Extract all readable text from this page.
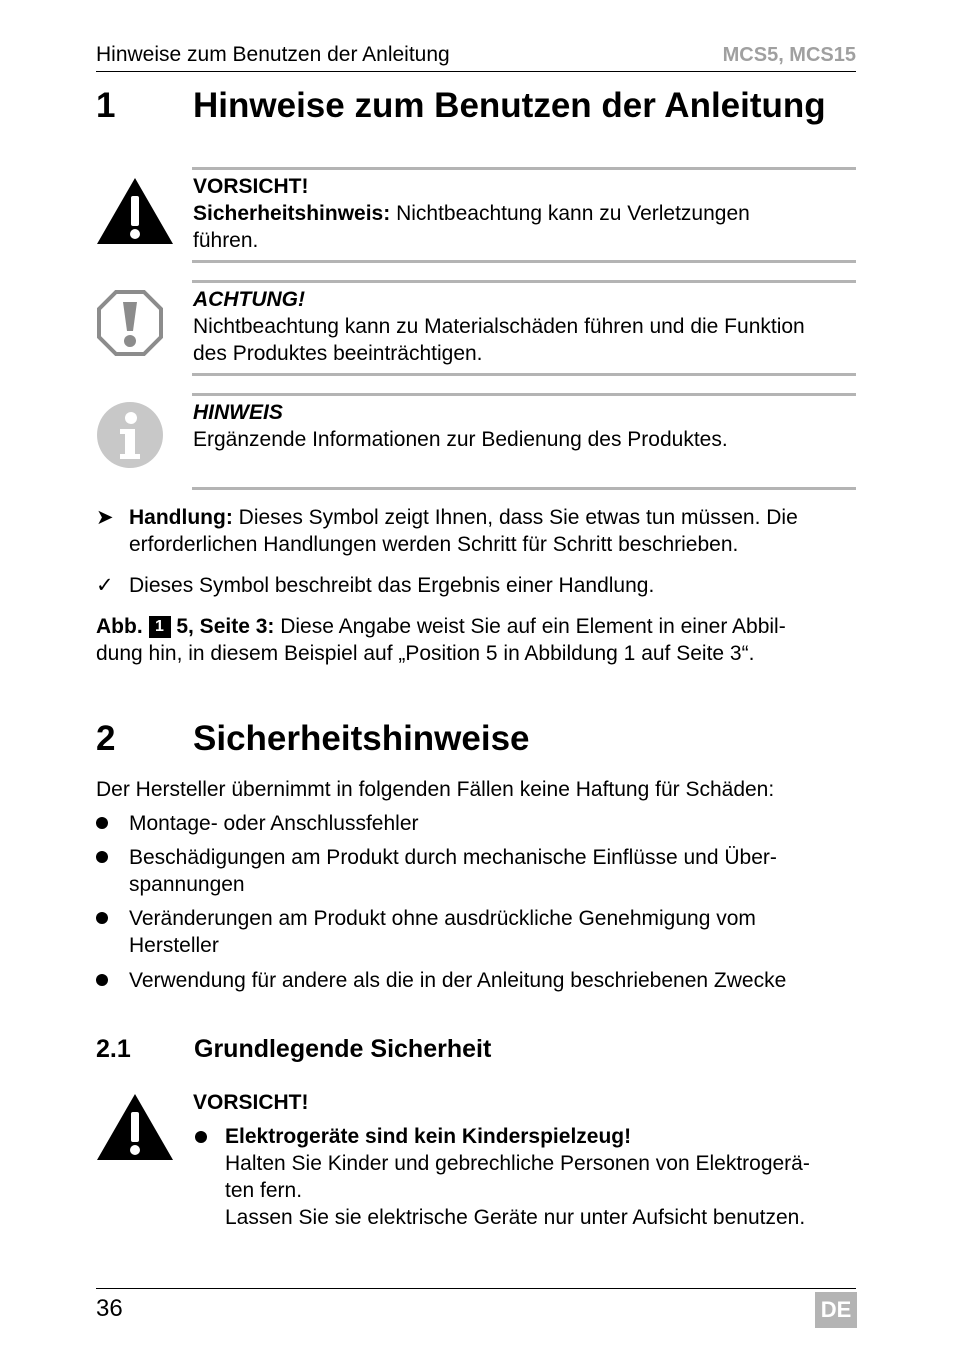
Hinweise zum Benutzen der Anleitung	MCS5, MCS15
1 Hinweise zum Benutzen der Anleitung
VORSICHT!
Sicherheitshinweis: Nichtbeachtung kann zu Verletzungen
führen.
ACHTUNG!
Nichtbeachtung kann zu Materialschäden führen und die Funktion
des Produktes beeinträchtigen.
HINWEIS
Ergänzende Informationen zur Bedienung des Produktes.
➤ Handlung: Dieses Symbol zeigt Ihnen, dass Sie etwas tun müssen. Die
erforderlichen Handlungen werden Schritt für Schritt beschrieben.
✓ Dieses Symbol beschreibt das Ergebnis einer Handlung.
Abb. 1 5, Seite 3: Diese Angabe weist Sie auf ein Element in einer Abbil-
dung hin, in diesem Beispiel auf „Position 5 in Abbildung 1 auf Seite 3“.
2 Sicherheitshinweise
Der Hersteller übernimmt in folgenden Fällen keine Haftung für Schäden:
Montage- oder Anschlussfehler
Beschädigungen am Produkt durch mechanische Einflüsse und Über-
spannungen
Veränderungen am Produkt ohne ausdrückliche Genehmigung vom
Hersteller
Verwendung für andere als die in der Anleitung beschriebenen Zwecke
2.1	Grundlegende Sicherheit
VORSICHT!
Elektrogeräte sind kein Kinderspielzeug!
Halten Sie Kinder und gebrechliche Personen von Elektrogerä-
ten fern.
Lassen Sie sie elektrische Geräte nur unter Aufsicht benutzen.
36	DE
